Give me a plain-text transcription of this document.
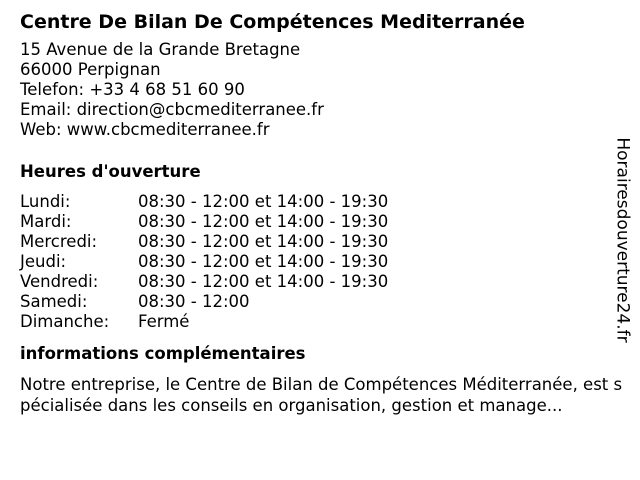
Centre De Bilan De Compétences Mediterranée
15 Avenue de la Grande Bretagne
66000 Perpignan
Telefon: +33 4 68 51 60 90
Email: direction@cbcmediterranee.fr
Web: www.cbcmediterranee.fr
Heures d'ouverture
Lundi:	08:30 - 12:00 et 14:00 - 19:30
Mardi:	08:30 - 12:00 et 14:00 - 19:30
Mercredi:	08:30 - 12:00 et 14:00 - 19:30
Jeudi:	08:30 - 12:00 et 14:00 - 19:30
Vendredi:	08:30 - 12:00 et 14:00 - 19:30
Samedi:	08:30 - 12:00
Dimanche:	Fermé
informations complémentaires
Notre entreprise, le Centre de Bilan de Compétences Méditerranée, est spécialisée dans les conseils en organisation, gestion et manage...
Horairesdouverture24.fr
